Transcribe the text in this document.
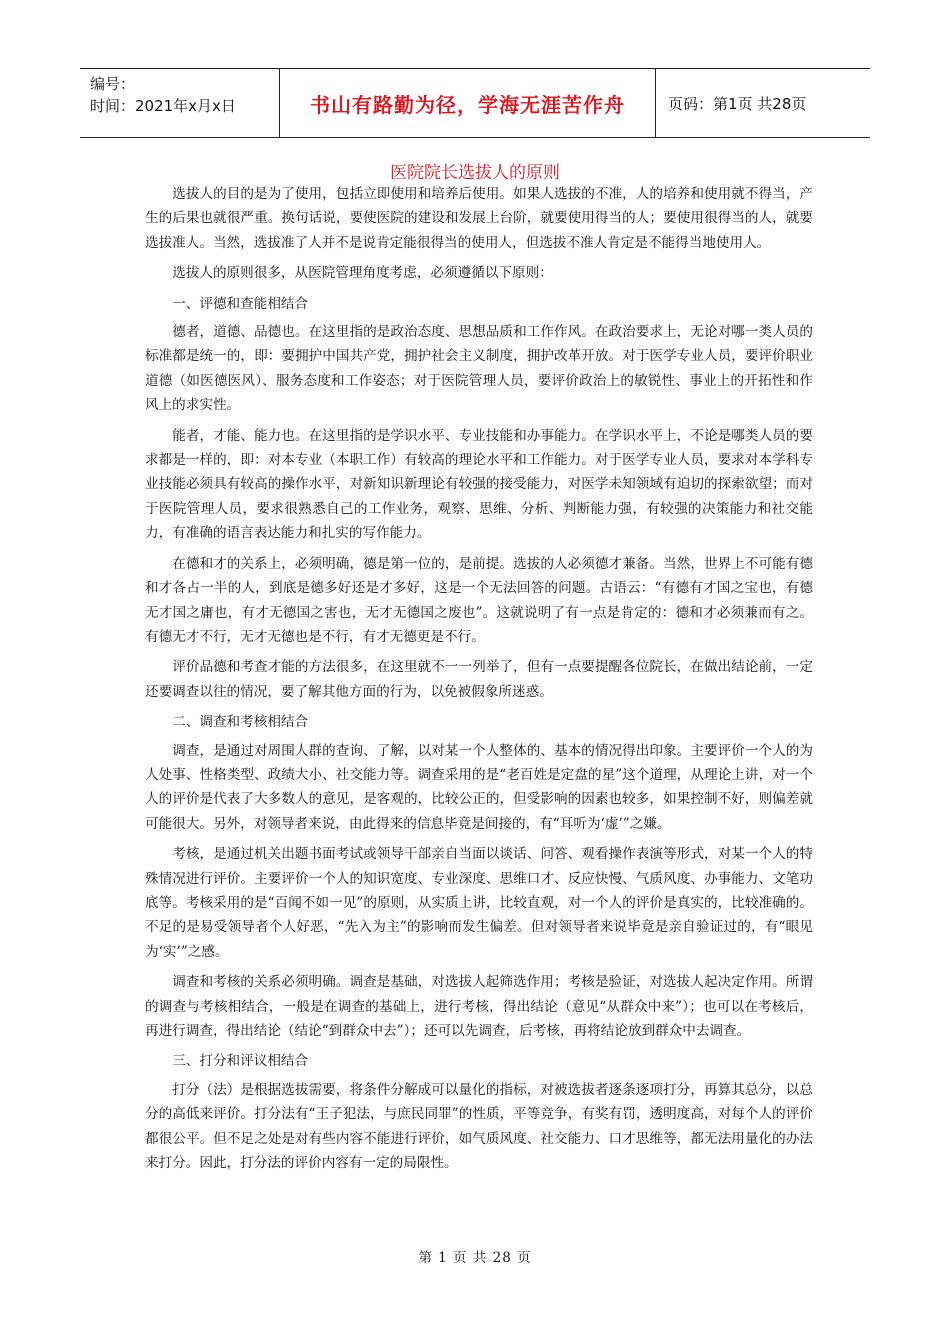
编号：
时间：2021年x月x日	书山有路勤为径，学海无涯苦作舟	页码：第1页 共28页
医院院长选拔人的原则

选拔人的目的是为了使用，包括立即使用和培养后使用。如果人选拔的不准，人的培养和使用就不得当，产生的后果也就很严重。换句话说，要使医院的建设和发展上台阶，就要使用得当的人；要使用很得当的人，就要选拔准人。当然，选拔准了人并不是说肯定能很得当的使用人，但选拔不准人肯定是不能得当地使用人。

选拔人的原则很多，从医院管理角度考虑，必须遵循以下原则：

一、评德和查能相结合

德者，道德、品德也。在这里指的是政治态度、思想品质和工作作风。在政治要求上，无论对哪一类人员的标准都是统一的，即：要拥护中国共产党，拥护社会主义制度，拥护改革开放。对于医学专业人员，要评价职业道德（如医德医风）、服务态度和工作姿态；对于医院管理人员，要评价政治上的敏锐性、事业上的开拓性和作风上的求实性。

能者，才能、能力也。在这里指的是学识水平、专业技能和办事能力。在学识水平上，不论是哪类人员的要求都是一样的，即：对本专业（本职工作）有较高的理论水平和工作能力。对于医学专业人员，要求对本学科专业技能必须具有较高的操作水平，对新知识新理论有较强的接受能力，对医学未知领域有迫切的探索欲望；而对于医院管理人员，要求很熟悉自己的工作业务，观察、思维、分析、判断能力强，有较强的决策能力和社交能力，有准确的语言表达能力和扎实的写作能力。

在德和才的关系上，必须明确，德是第一位的，是前提。选拔的人必须德才兼备。当然，世界上不可能有德和才各占一半的人，到底是德多好还是才多好，这是一个无法回答的问题。古语云：“有德有才国之宝也，有德无才国之庸也，有才无德国之害也，无才无德国之废也”。这就说明了有一点是肯定的：德和才必须兼而有之。有德无才不行，无才无德也是不行，有才无德更是不行。

评价品德和考查才能的方法很多，在这里就不一一列举了，但有一点要提醒各位院长，在做出结论前，一定还要调查以往的情况，要了解其他方面的行为，以免被假象所迷惑。

二、调查和考核相结合

调查，是通过对周围人群的查询、了解，以对某一个人整体的、基本的情况得出印象。主要评价一个人的为人处事、性格类型、政绩大小、社交能力等。调查采用的是“老百姓是定盘的星”这个道理，从理论上讲，对一个人的评价是代表了大多数人的意见，是客观的，比较公正的，但受影响的因素也较多，如果控制不好，则偏差就可能很大。另外，对领导者来说，由此得来的信息毕竟是间接的，有“耳听为‘虚’”之嫌。

考核，是通过机关出题书面考试或领导干部亲自当面以谈话、问答、观看操作表演等形式，对某一个人的特殊情况进行评价。主要评价一个人的知识宽度、专业深度、思维口才、反应快慢、气质风度、办事能力、文笔功底等。考核采用的是“百闻不如一见”的原则，从实质上讲，比较直观，对一个人的评价是真实的，比较准确的。不足的是易受领导者个人好恶，“先入为主”的影响而发生偏差。但对领导者来说毕竟是亲自验证过的，有“眼见为‘实’”之感。

调查和考核的关系必须明确。调查是基础，对选拔人起筛选作用；考核是验证，对选拔人起决定作用。所谓的调查与考核相结合，一般是在调查的基础上，进行考核，得出结论（意见“从群众中来”）；也可以在考核后，再进行调查，得出结论（结论“到群众中去”）；还可以先调查，后考核，再将结论放到群众中去调查。

三、打分和评议相结合

打分（法）是根据选拔需要，将条件分解成可以量化的指标，对被选拔者逐条逐项打分，再算其总分，以总分的高低来评价。打分法有“王子犯法，与庶民同罪”的性质，平等竞争，有奖有罚，透明度高，对每个人的评价都很公平。但不足之处是对有些内容不能进行评价，如气质风度、社交能力、口才思维等，都无法用量化的办法来打分。因此，打分法的评价内容有一定的局限性。

第 1 页 共 28 页
